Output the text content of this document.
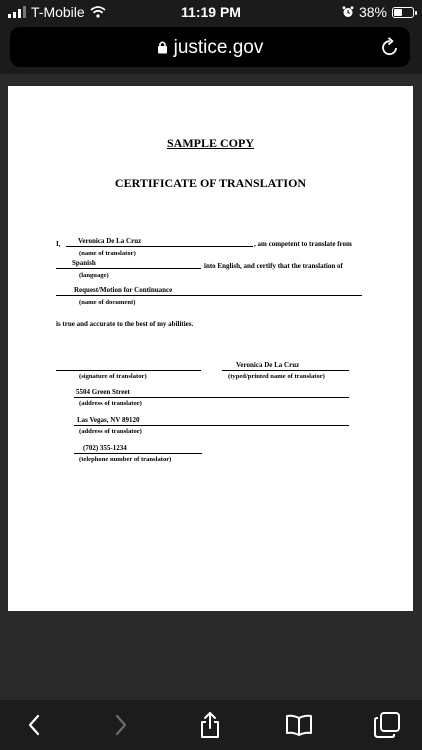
T-Mobile	11:19 PM	38%
justice.gov
SAMPLE COPY
CERTIFICATE OF TRANSLATION
I,	Veronica De La Cruz	, am competent to translate from
(name of translator)
Spanish	into English, and certify that the translation of
(language)
Request/Motion for Continuance
(name of document)
is true and accurate to the best of my abilities.
(signature of translator)
Veronica De La Cruz
(typed/printed name of translator)
5504 Green Street
(address of translator)
Las Vegas, NV 89120
(address of translator)
(702) 355-1234
(telephone number of translator)
